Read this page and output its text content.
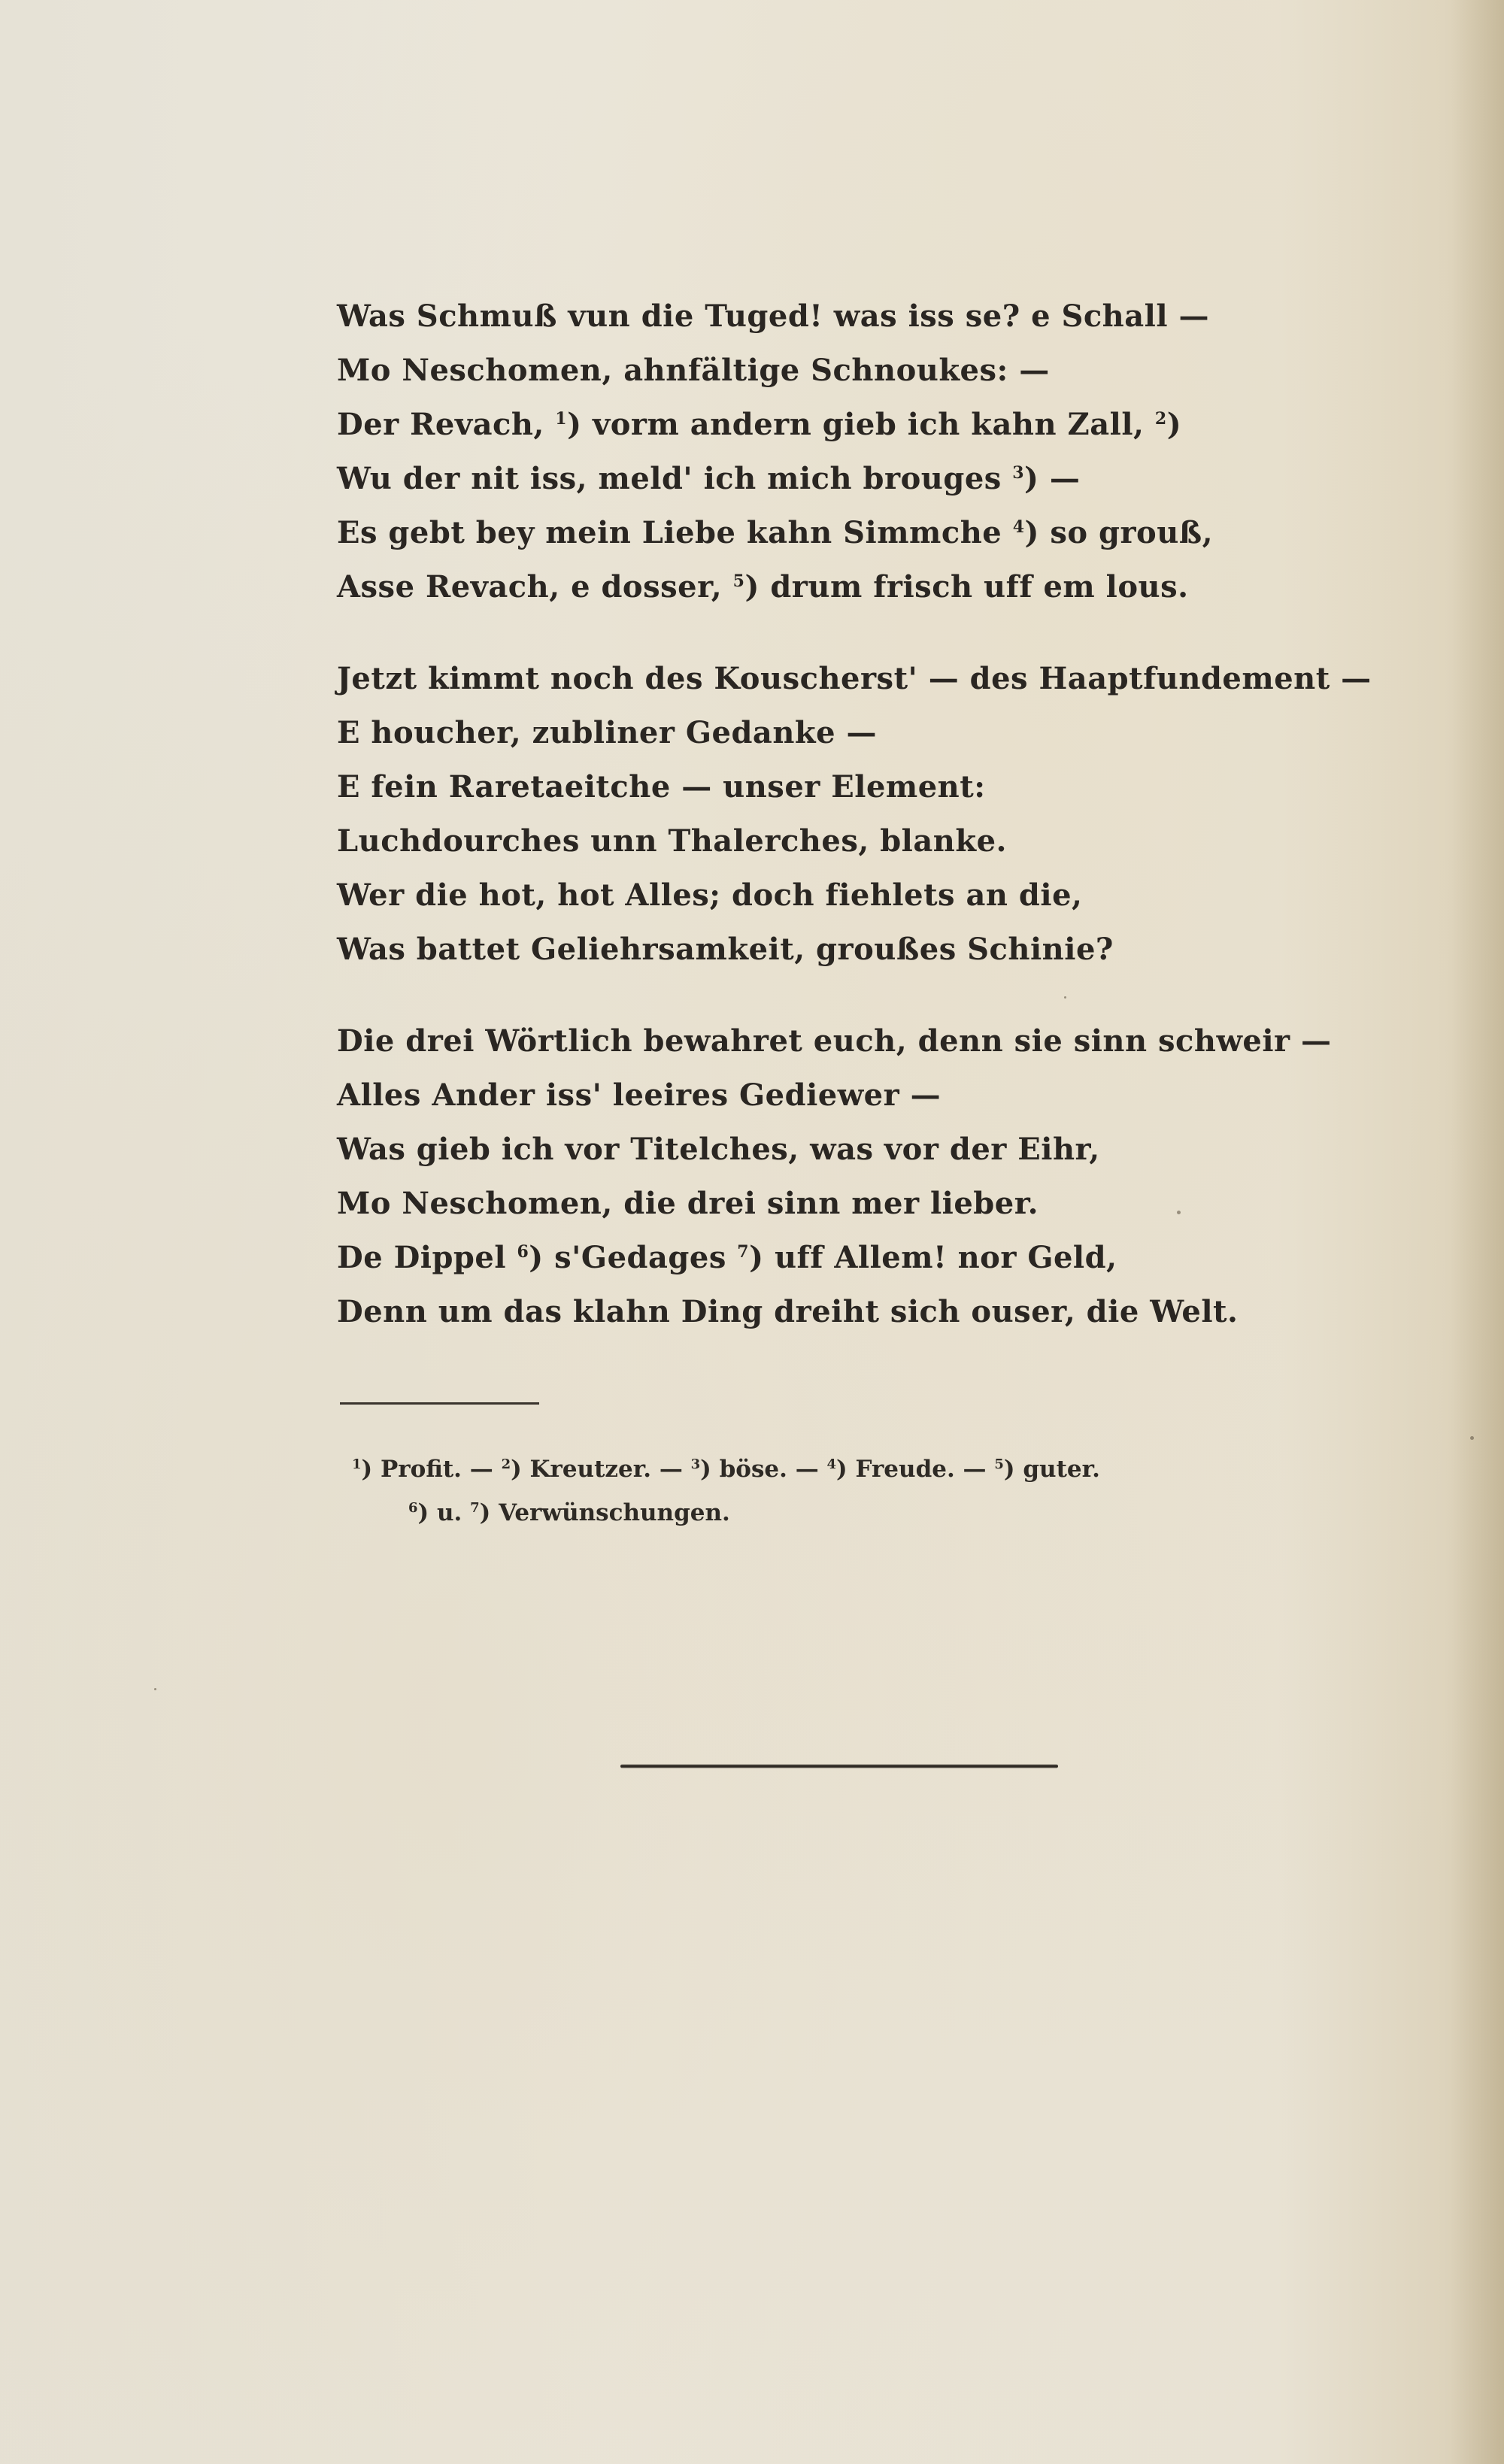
Was Schmuß vun die Tuged! was iss se? e Schall —
Mo Neschomen, ahnfältige Schnoukes: —
Der Revach, $^1$) vorm andern gieb ich kahn Zall, $^2$)
Wu der nit iss, meld' ich mich brouges $^3$) —
Es gebt bey mein Liebe kahn Simmche $^4$) so grouß,
Asse Revach, e dosser, $^5$) drum frisch uff em lous.
Jetzt kimmt noch des Kouscherst' — des Haaptfundement —
E houcher, zubliner Gedanke —
E fein Raretaeitche — unser Element:
Luchdourches unn Thalerches, blanke.
Wer die hot, hot Alles; doch fiehlets an die,
Was battet Geliehrsamkeit, groußes Schinie?
Die drei Wörtlich bewahret euch, denn sie sinn schweir —
Alles Ander iss' leeires Gediewer —
Was gieb ich vor Titelches, was vor der Eihr,
Mo Neschomen, die drei sinn mer lieber.
De Dippel $^6$) s'Gedages $^7$) uff Allem! nor Geld,
Denn um das klahn Ding dreiht sich ouser, die Welt.
$^1$) Profit. — $^2$) Kreutzer. — $^3$) böse. — $^4$) Freude. — $^5$) guter.
$^6$) u. $^7$) Verwünschungen.
